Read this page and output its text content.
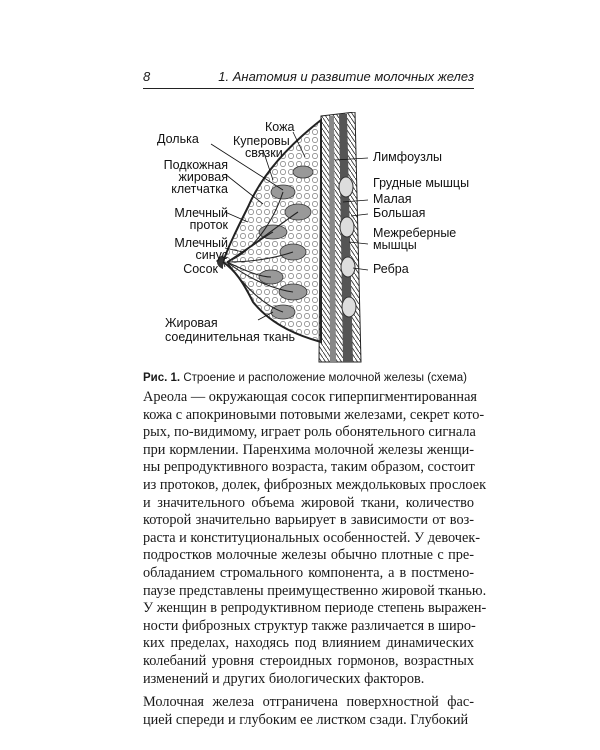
8	1. Анатомия и развитие молочных желез
Кожа
Долька	Куперовы
связки	Лимфоузлы
Подкожная
жировая
клетчатка	Грудные мышцы
Малая
Млечный	Большая
проток
Межреберные
Млечный	мышцы
синус
Ребра
Сосок
Жировая
соединительная ткань
Рис. 1. Строение и расположение молочной железы (схема)
Ареола — окружающая сосок гиперпигментированная
кожа с апокриновыми потовыми железами, секрет кото-
рых, по-видимому, играет роль обонятельного сигнала
при кормлении. Паренхима молочной железы женщи-
ны репродуктивного возраста, таким образом, состоит
из протоков, долек, фиброзных междольковых прослоек
и значительного объема жировой ткани, количество
которой значительно варьирует в зависимости от воз-
раста и конституциональных особенностей. У девочек-
подростков молочные железы обычно плотные с пре-
обладанием стромального компонента, а в постмено-
паузе представлены преимущественно жировой тканью.
У женщин в репродуктивном периоде степень выражен-
ности фиброзных структур также различается в широ-
ких пределах, находясь под влиянием динамических
колебаний уровня стероидных гормонов, возрастных
изменений и других биологических факторов.
Молочная железа отграничена поверхностной фас-
цией спереди и глубоким ее листком сзади. Глубокий
